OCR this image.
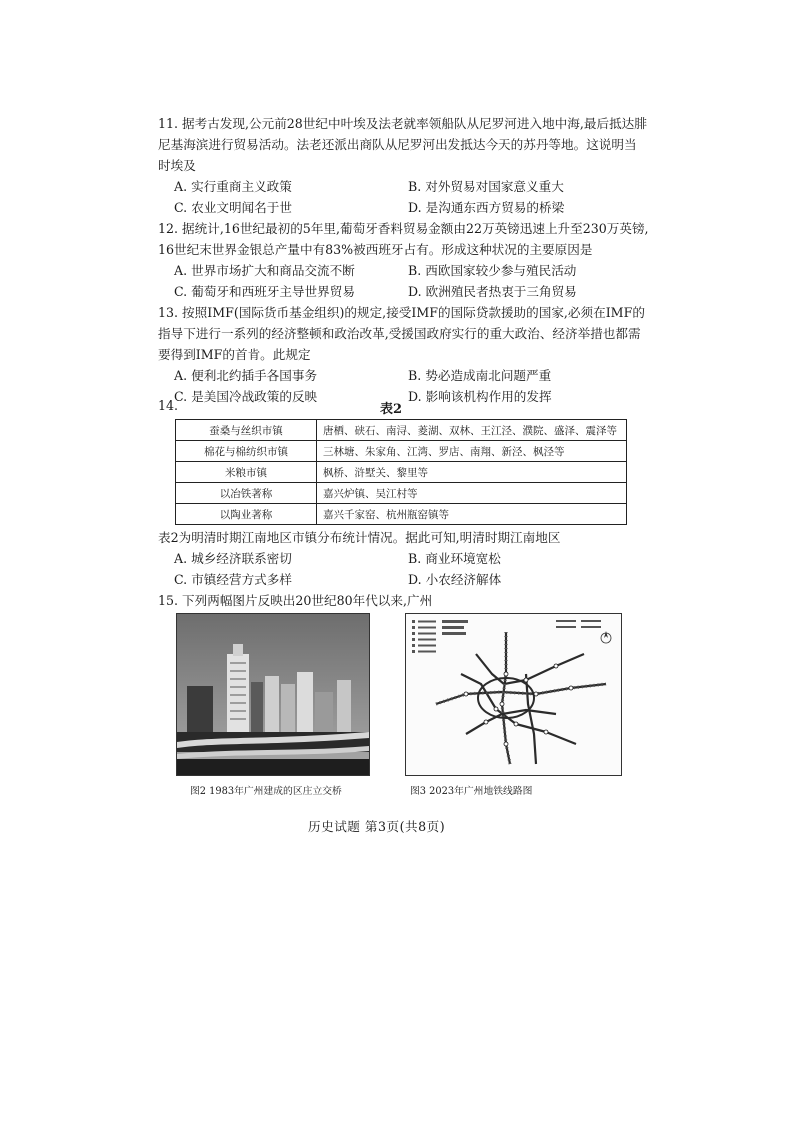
11. 据考古发现,公元前28世纪中叶埃及法老就率领船队从尼罗河进入地中海,最后抵达腓
尼基海滨进行贸易活动。法老还派出商队从尼罗河出发抵达今天的苏丹等地。这说明当
时埃及
A. 实行重商主义政策	B. 对外贸易对国家意义重大
C. 农业文明闻名于世	D. 是沟通东西方贸易的桥梁
12. 据统计,16世纪最初的5年里,葡萄牙香料贸易金额由22万英镑迅速上升至230万英镑,
16世纪末世界金银总产量中有83%被西班牙占有。形成这种状况的主要原因是
A. 世界市场扩大和商品交流不断	B. 西欧国家较少参与殖民活动
C. 葡萄牙和西班牙主导世界贸易	D. 欧洲殖民者热衷于三角贸易
13. 按照IMF(国际货币基金组织)的规定,接受IMF的国际贷款援助的国家,必须在IMF的
指导下进行一系列的经济整顿和政治改革,受援国政府实行的重大政治、经济举措也都需
要得到IMF的首肯。此规定
A. 便利北约插手各国事务	B. 势必造成南北问题严重
C. 是美国冷战政策的反映	D. 影响该机构作用的发挥
14.	表2
蚕桑与丝织市镇	唐栖、硖石、南浔、菱湖、双林、王江泾、濮院、盛泽、震泽等
棉花与棉纺织市镇	三林塘、朱家角、江湾、罗店、南翔、新泾、枫泾等
米粮市镇	枫桥、浒墅关、黎里等
以冶铁著称	嘉兴炉镇、吴江村等
以陶业著称	嘉兴千家窑、杭州瓶窑镇等
表2为明清时期江南地区市镇分布统计情况。据此可知,明清时期江南地区
A. 城乡经济联系密切	B. 商业环境宽松
C. 市镇经营方式多样	D. 小农经济解体
15. 下列两幅图片反映出20世纪80年代以来,广州
图2 1983年广州建成的区庄立交桥	图3 2023年广州地铁线路图
历史试题 第3页(共8页)
